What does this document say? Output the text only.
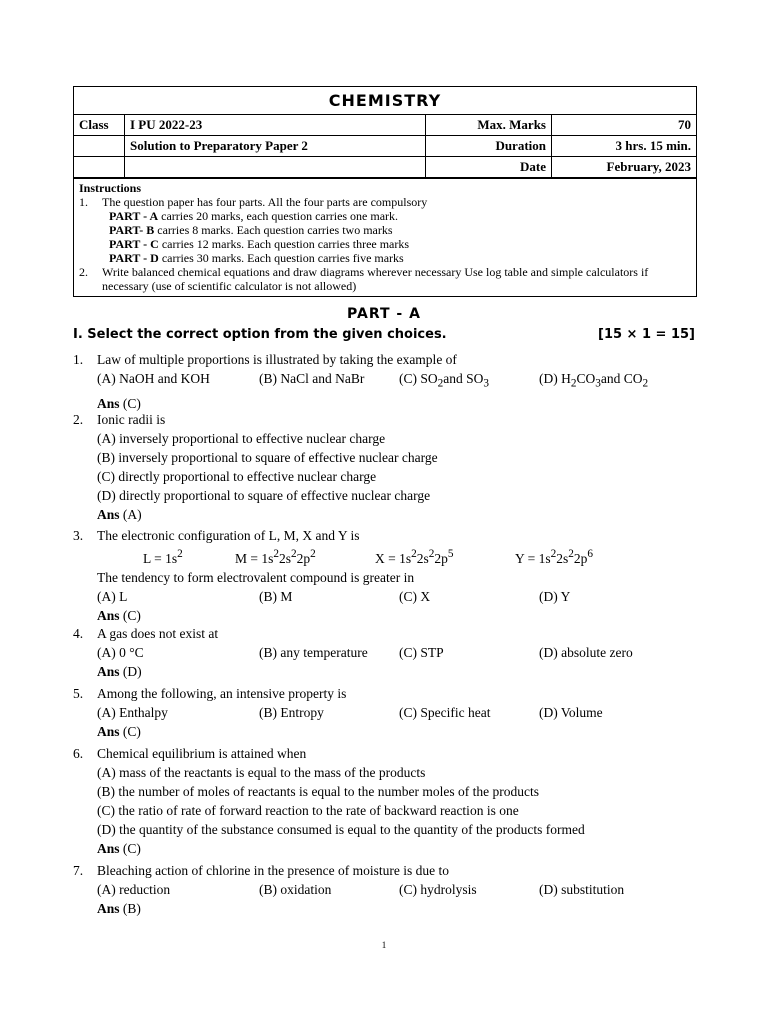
CHEMISTRY
Class	I PU 2022-23	Max. Marks	70
	Solution to Preparatory Paper 2	Duration	3 hrs. 15 min.
		Date	February, 2023
Instructions
1.	The question paper has four parts. All the four parts are compulsory
PART - A carries 20 marks, each question carries one mark.
PART- B carries 8 marks. Each question carries two marks
PART - C carries 12 marks. Each question carries three marks
PART - D carries 30 marks. Each question carries five marks
2.	Write balanced chemical equations and draw diagrams wherever necessary Use log table and simple calculators if necessary (use of scientific calculator is not allowed)
PART - A
I. Select the correct option from the given choices.	[15 × 1 = 15]
1.	Law of multiple proportions is illustrated by taking the example of
(A) NaOH and KOH	(B) NaCl and NaBr	(C) $SO_2and$ $SO_3$	(D) $H_2CO_3and$ $CO_2$
Ans (C)
2.	Ionic radii is
(A) inversely proportional to effective nuclear charge
(B) inversely proportional to square of effective nuclear charge
(C) directly proportional to effective nuclear charge
(D) directly proportional to square of effective nuclear charge
Ans (A)
3.	The electronic configuration of L, M, X and Y is
$L = 1s^2$	$M = 1s^22s^22p^2$	$X = 1s^22s^22p^5$	$Y = 1s^22s^22p^6$
The tendency to form electrovalent compound is greater in
(A) L	(B) M	(C) X	(D) Y
Ans (C)
4.	A gas does not exist at
(A) 0 °C	(B) any temperature	(C) STP	(D) absolute zero
Ans (D)
5.	Among the following, an intensive property is
(A) Enthalpy	(B) Entropy	(C) Specific heat	(D) Volume
Ans (C)
6.	Chemical equilibrium is attained when
(A) mass of the reactants is equal to the mass of the products
(B) the number of moles of reactants is equal to the number moles of the products
(C) the ratio of rate of forward reaction to the rate of backward reaction is one
(D) the quantity of the substance consumed is equal to the quantity of the products formed
Ans (C)
7.	Bleaching action of chlorine in the presence of moisture is due to
(A) reduction	(B) oxidation	(C) hydrolysis	(D) substitution
Ans (B)
1
